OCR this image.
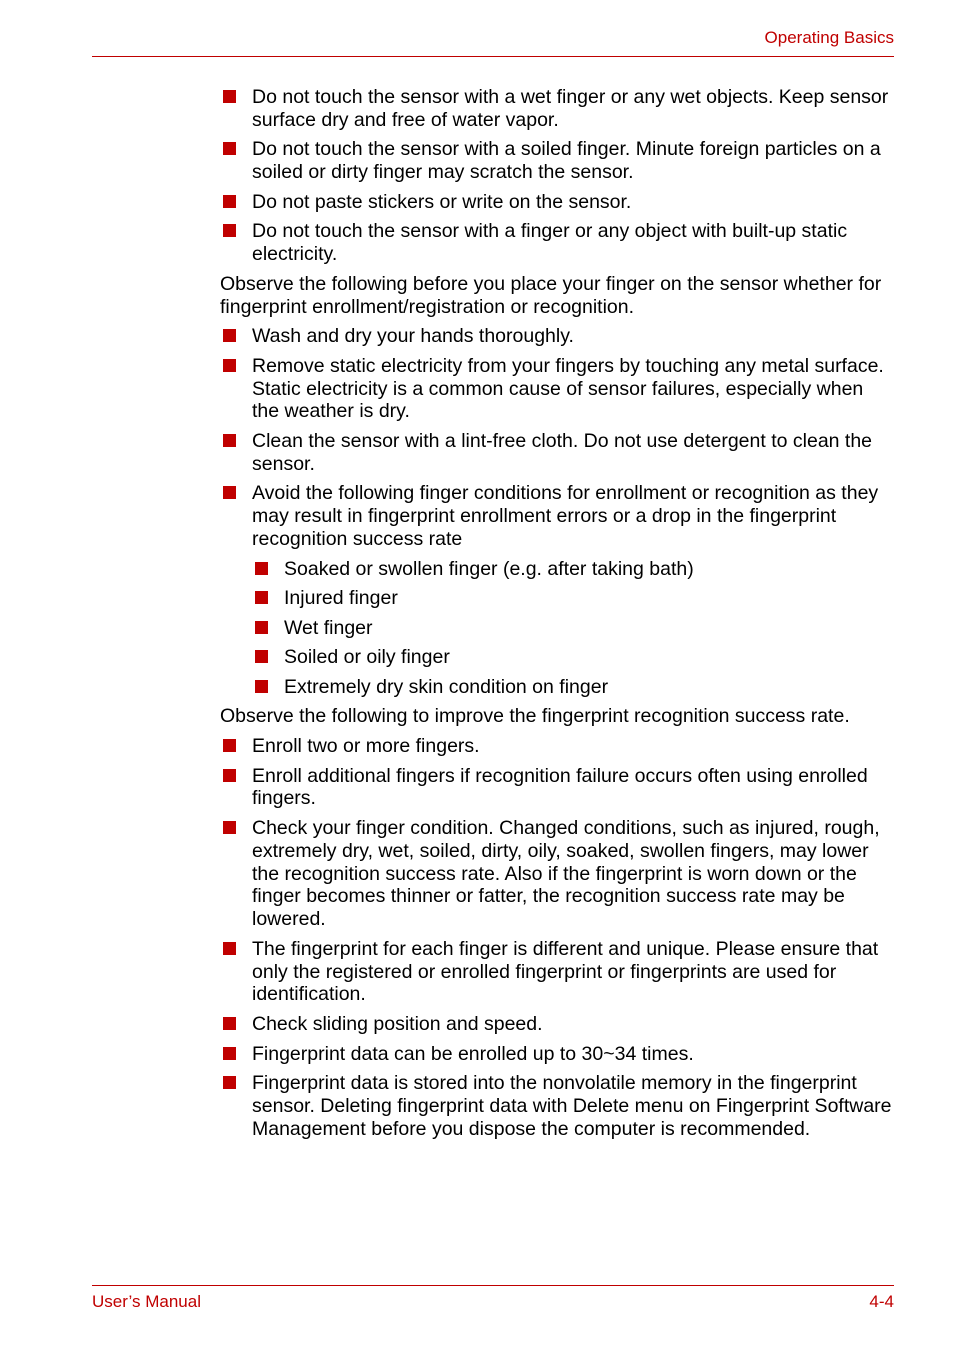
Operating Basics
Do not touch the sensor with a wet finger or any wet objects. Keep sensor surface dry and free of water vapor.
Do not touch the sensor with a soiled finger. Minute foreign particles on a soiled or dirty finger may scratch the sensor.
Do not paste stickers or write on the sensor.
Do not touch the sensor with a finger or any object with built-up static electricity.
Observe the following before you place your finger on the sensor whether for fingerprint enrollment/registration or recognition.
Wash and dry your hands thoroughly.
Remove static electricity from your fingers by touching any metal surface. Static electricity is a common cause of sensor failures, especially when the weather is dry.
Clean the sensor with a lint-free cloth. Do not use detergent to clean the sensor.
Avoid the following finger conditions for enrollment or recognition as they may result in fingerprint enrollment errors or a drop in the fingerprint recognition success rate
Soaked or swollen finger (e.g. after taking bath)
Injured finger
Wet finger
Soiled or oily finger
Extremely dry skin condition on finger
Observe the following to improve the fingerprint recognition success rate.
Enroll two or more fingers.
Enroll additional fingers if recognition failure occurs often using enrolled fingers.
Check your finger condition. Changed conditions, such as injured, rough, extremely dry, wet, soiled, dirty, oily, soaked, swollen fingers, may lower the recognition success rate. Also if the fingerprint is worn down or the finger becomes thinner or fatter, the recognition success rate may be lowered.
The fingerprint for each finger is different and unique. Please ensure that only the registered or enrolled fingerprint or fingerprints are used for identification.
Check sliding position and speed.
Fingerprint data can be enrolled up to 30~34 times.
Fingerprint data is stored into the nonvolatile memory in the fingerprint sensor. Deleting fingerprint data with Delete menu on Fingerprint Software Management before you dispose the computer is recommended.
User’s Manual	4-4
